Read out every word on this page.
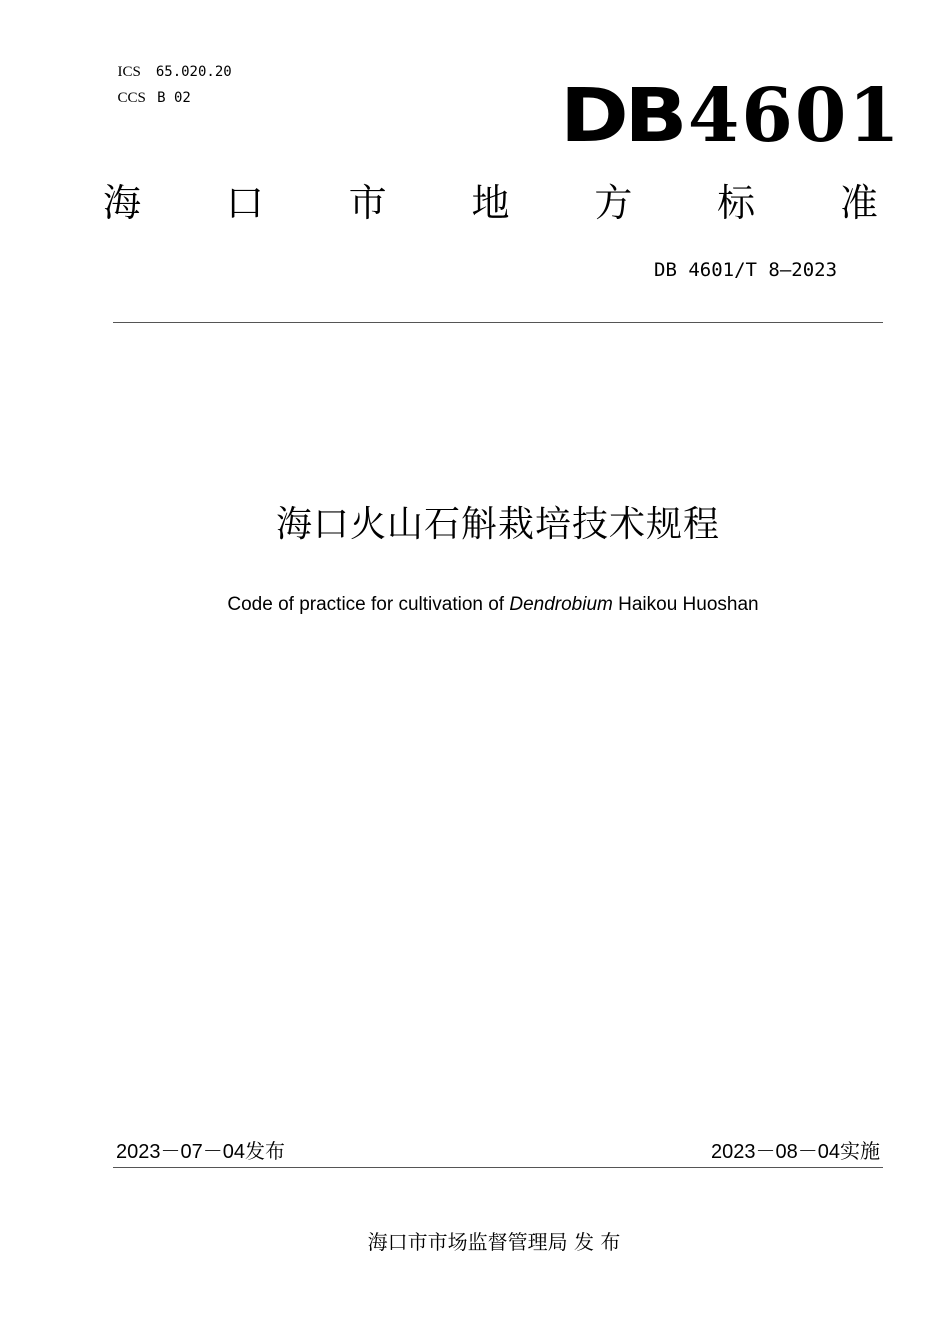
ICS 65.020.20

CCS B 02	DB 4601
海 口 市 地 方 标 准
DB 4601/T 8—2023
海口火山石斛栽培技术规程
Code of practice for cultivation of Dendrobium Haikou Huoshan
2023－07－04发布	2023－08－04实施
海口市市场监督管理局 发 布
